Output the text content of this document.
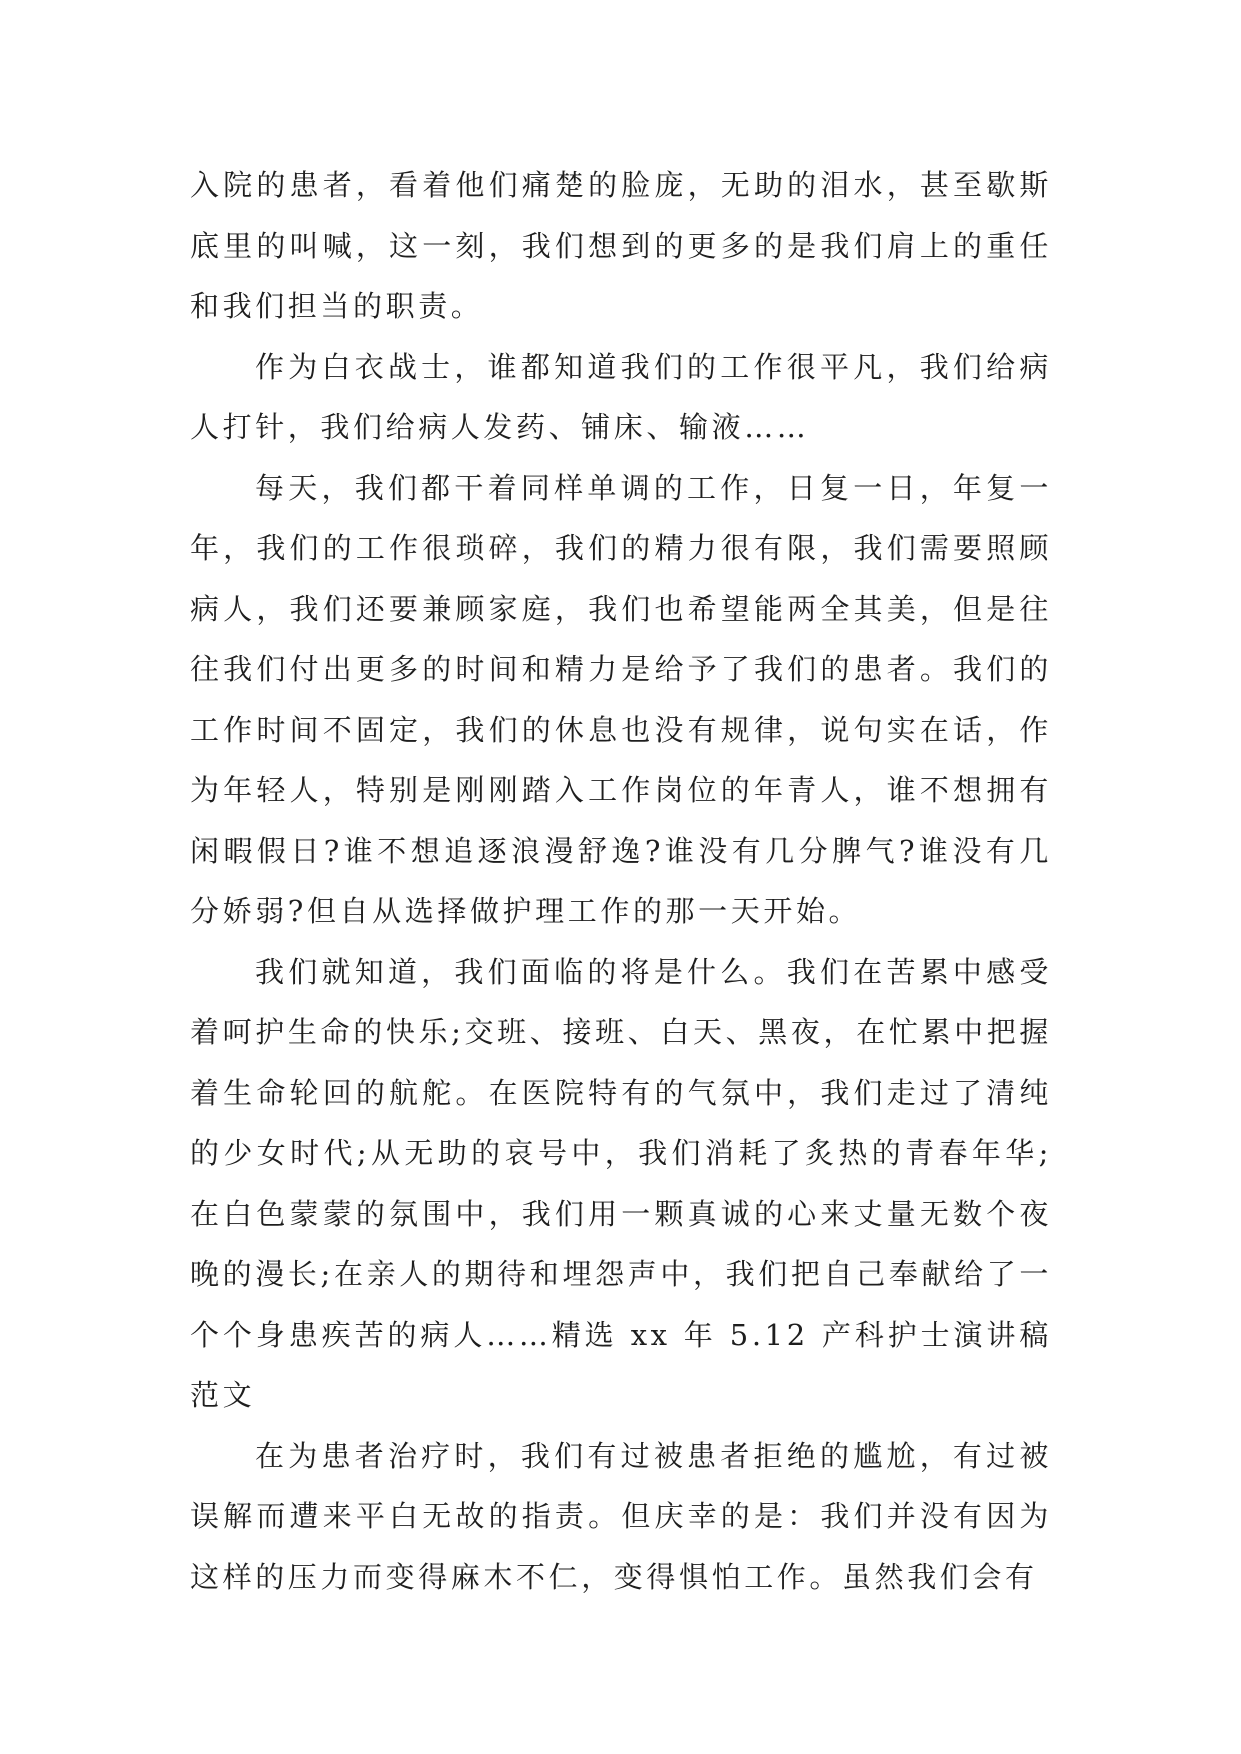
入院的患者，看着他们痛楚的脸庞，无助的泪水，甚至歇斯底里的叫喊，这一刻，我们想到的更多的是我们肩上的重任和我们担当的职责。

作为白衣战士，谁都知道我们的工作很平凡，我们给病人打针，我们给病人发药、铺床、输液……

每天，我们都干着同样单调的工作，日复一日，年复一年，我们的工作很琐碎，我们的精力很有限，我们需要照顾病人，我们还要兼顾家庭，我们也希望能两全其美，但是往往我们付出更多的时间和精力是给予了我们的患者。我们的工作时间不固定，我们的休息也没有规律，说句实在话，作为年轻人，特别是刚刚踏入工作岗位的年青人，谁不想拥有闲暇假日?谁不想追逐浪漫舒逸?谁没有几分脾气?谁没有几分娇弱?但自从选择做护理工作的那一天开始。

我们就知道，我们面临的将是什么。我们在苦累中感受着呵护生命的快乐;交班、接班、白天、黑夜，在忙累中把握着生命轮回的航舵。在医院特有的气氛中，我们走过了清纯的少女时代;从无助的哀号中，我们消耗了炙热的青春年华;在白色蒙蒙的氛围中，我们用一颗真诚的心来丈量无数个夜晚的漫长;在亲人的期待和埋怨声中，我们把自己奉献给了一个个身患疾苦的病人……精选 xx 年 5.12 产科护士演讲稿范文

在为患者治疗时，我们有过被患者拒绝的尴尬，有过被误解而遭来平白无故的指责。但庆幸的是：我们并没有因为这样的压力而变得麻木不仁，变得惧怕工作。虽然我们会有
